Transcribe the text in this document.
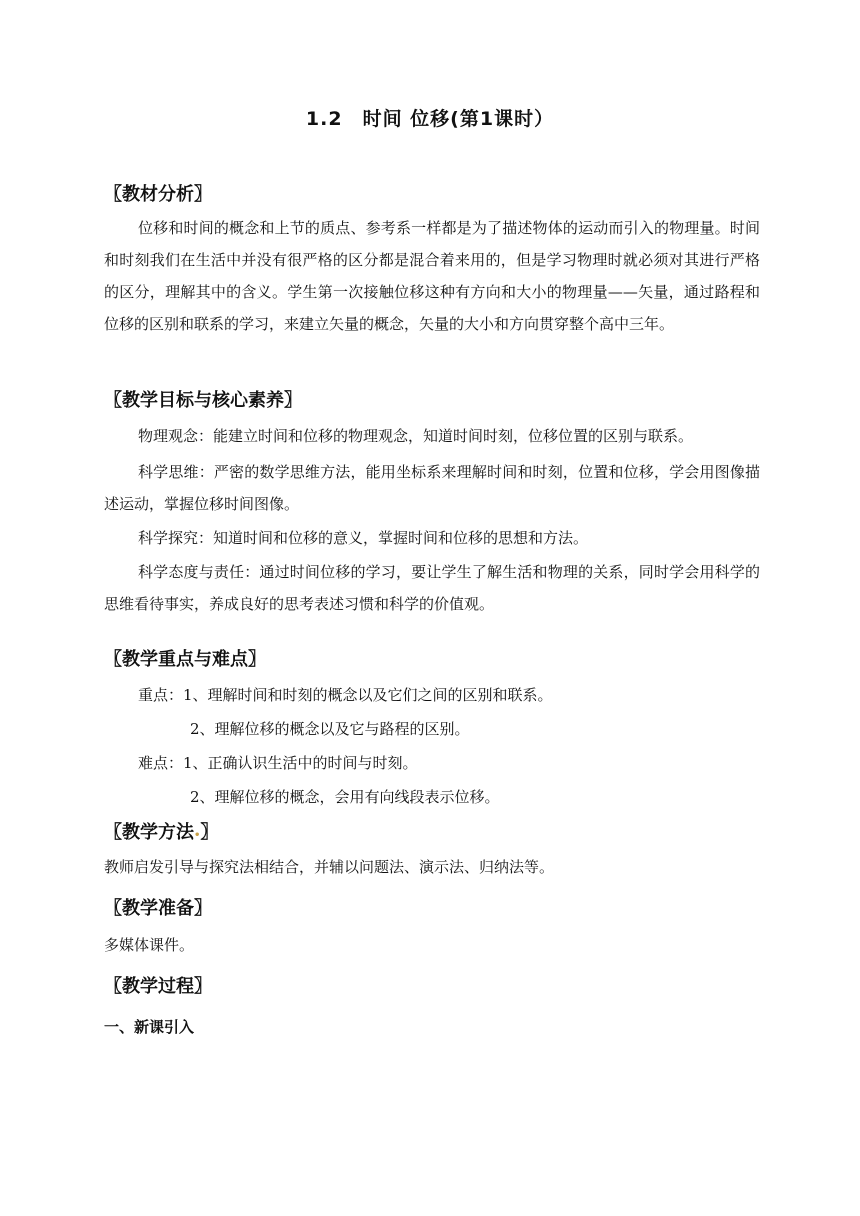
1.2　时间 位移(第1课时）
〖教材分析〗
位移和时间的概念和上节的质点、参考系一样都是为了描述物体的运动而引入的物理量。时间和时刻我们在生活中并没有很严格的区分都是混合着来用的，但是学习物理时就必须对其进行严格的区分，理解其中的含义。学生第一次接触位移这种有方向和大小的物理量——矢量，通过路程和位移的区别和联系的学习，来建立矢量的概念，矢量的大小和方向贯穿整个高中三年。
〖教学目标与核心素养〗
物理观念：能建立时间和位移的物理观念，知道时间时刻，位移位置的区别与联系。
科学思维：严密的数学思维方法，能用坐标系来理解时间和时刻，位置和位移，学会用图像描述运动，掌握位移时间图像。
科学探究：知道时间和位移的意义，掌握时间和位移的思想和方法。
科学态度与责任：通过时间位移的学习，要让学生了解生活和物理的关系，同时学会用科学的思维看待事实，养成良好的思考表述习惯和科学的价值观。
〖教学重点与难点〗
重点：1、理解时间和时刻的概念以及它们之间的区别和联系。
2、理解位移的概念以及它与路程的区别。
难点：1、正确认识生活中的时间与时刻。
2、理解位移的概念，会用有向线段表示位移。
〖教学方法•〗
教师启发引导与探究法相结合，并辅以问题法、演示法、归纳法等。
〖教学准备〗
多媒体课件。
〖教学过程〗
一、新课引入
